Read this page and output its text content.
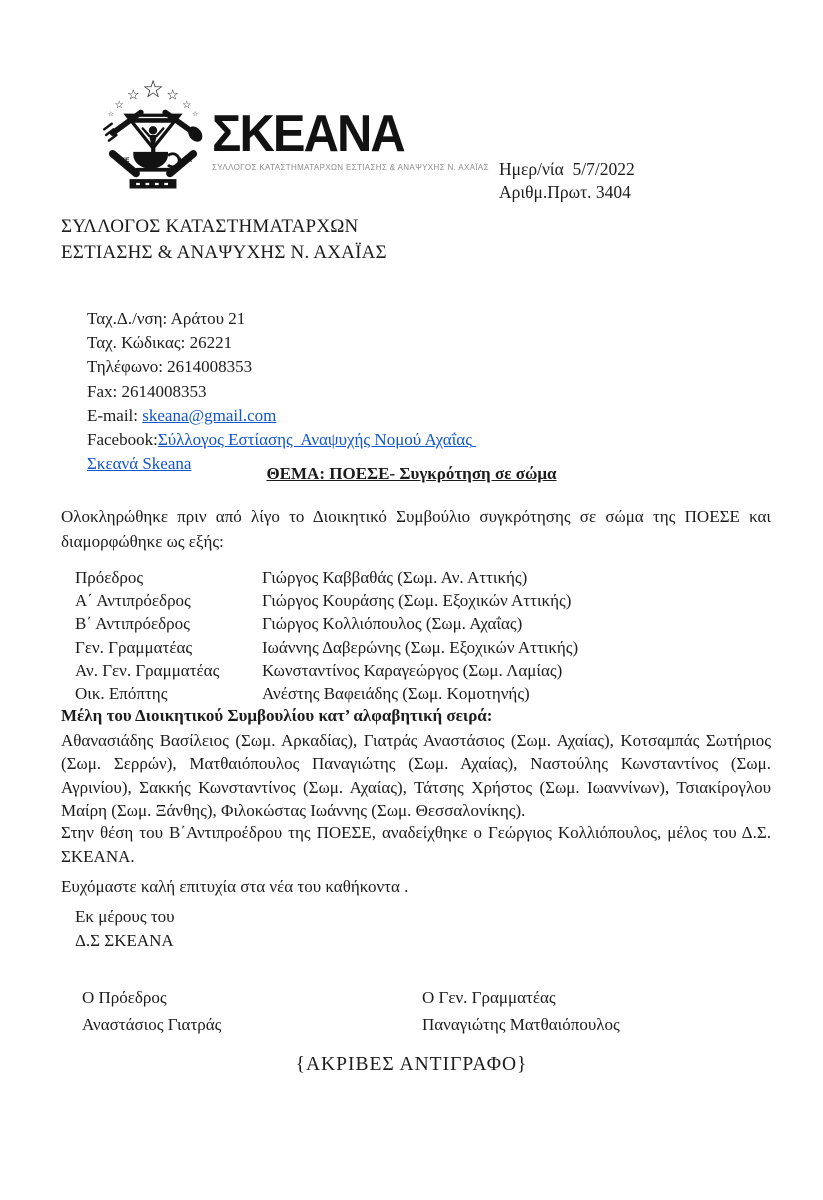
☆
☆ ☆
☆	☆
☆	☆
ΣΚΕ	ΑΝΑ ΣΚΕΑΝΑ
ΣΥΛΛΟΓΟΣ ΚΑΤΑΣΤΗΜΑΤΑΡΧΩΝ ΕΣΤΙΑΣΗΣ & ΑΝΑΨΥΧΗΣ Ν. ΑΧΑΪΑΣ Ημερ/νία  5/7/2022
Αριθμ.Πρωτ. 3404
ΣΥΛΛΟΓΟΣ ΚΑΤΑΣΤΗΜΑΤΑΡΧΩΝ
ΕΣΤΙΑΣΗΣ & ΑΝΑΨΥΧΗΣ Ν. ΑΧΑΪΑΣ
Ταχ.Δ./νση: Αράτου 21
Ταχ. Κώδικας: 26221
Τηλέφωνο: 2614008353
Fax: 2614008353
E-mail: skeana@gmail.com
Facebook:Σύλλογος Εστίασης  Αναψυχής Νομού Αχαΐας Σκεανά Skeana
ΘΕΜΑ: ΠΟΕΣΕ- Συγκρότηση σε σώμα
Ολοκληρώθηκε πριν από λίγο το Διοικητικό Συμβούλιο συγκρότησης σε σώμα της ΠΟΕΣΕ και διαμορφώθηκε ως εξής:
Πρόεδρος	Γιώργος Καββαθάς (Σωμ. Αν. Αττικής)
Α΄ Αντιπρόεδρος	Γιώργος Κουράσης (Σωμ. Εξοχικών Αττικής)
Β΄ Αντιπρόεδρος	Γιώργος Κολλιόπουλος (Σωμ. Αχαΐας)
Γεν. Γραμματέας	Ιωάννης Δαβερώνης (Σωμ. Εξοχικών Αττικής)
Αν. Γεν. Γραμματέας	Κωνσταντίνος Καραγεώργος (Σωμ. Λαμίας)
Οικ. Επόπτης	Ανέστης Βαφειάδης (Σωμ. Κομοτηνής)
Μέλη του Διοικητικού Συμβουλίου κατ’ αλφαβητική σειρά:
Αθανασιάδης Βασίλειος (Σωμ. Αρκαδίας), Γιατράς Αναστάσιος (Σωμ. Αχαίας), Κοτσαμπάς Σωτήριος (Σωμ. Σερρών), Ματθαιόπουλος Παναγιώτης (Σωμ. Αχαίας), Ναστούλης Κωνσταντίνος (Σωμ. Αγρινίου), Σακκής Κωνσταντίνος (Σωμ. Αχαίας), Τάτσης Χρήστος (Σωμ. Ιωαννίνων), Τσιακίρογλου Μαίρη (Σωμ. Ξάνθης), Φιλοκώστας Ιωάννης (Σωμ. Θεσσαλονίκης).
Στην θέση του Β΄Αντιπροέδρου της ΠΟΕΣΕ, αναδείχθηκε ο Γεώργιος Κολλιόπουλος, μέλος του Δ.Σ. ΣΚΕΑΝΑ.
Ευχόμαστε καλή επιτυχία στα νέα του καθήκοντα .
Εκ μέρους του
Δ.Σ ΣΚΕΑΝΑ
Ο Πρόεδρος
Αναστάσιος Γιατράς
Ο Γεν. Γραμματέας
Παναγιώτης Ματθαιόπουλος
{ΑΚΡΙΒΕΣ ΑΝΤΙΓΡΑΦΟ}
